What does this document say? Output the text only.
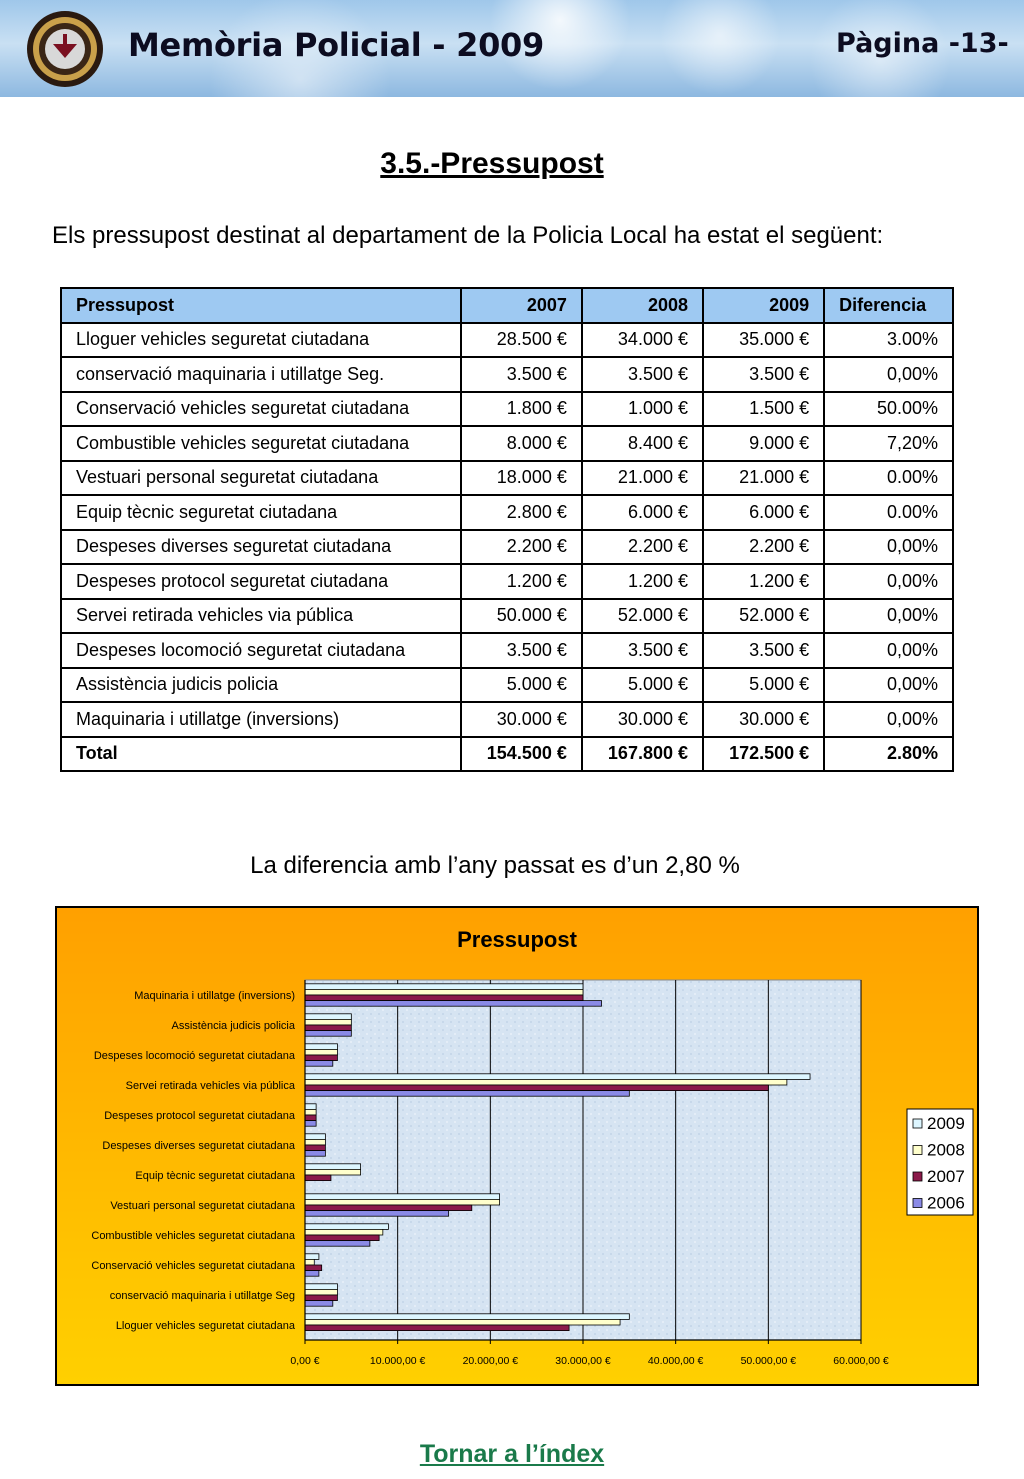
Memòria Policial - 2009	Pàgina -13-
3.5.-Pressupost
Els pressupost destinat al departament de la Policia Local ha estat el següent:
Pressupost	2007	2008	2009	Diferencia
Lloguer vehicles seguretat ciutadana	28.500 €	34.000 €	35.000 €	3.00%
conservació maquinaria i utillatge Seg.	3.500 €	3.500 €	3.500 €	0,00%
Conservació vehicles seguretat ciutadana	1.800 €	1.000 €	1.500 €	50.00%
Combustible vehicles seguretat ciutadana	8.000 €	8.400 €	9.000 €	7,20%
Vestuari personal seguretat ciutadana	18.000 €	21.000 €	21.000 €	0.00%
Equip tècnic seguretat ciutadana	2.800 €	6.000 €	6.000 €	0.00%
Despeses diverses seguretat ciutadana	2.200 €	2.200 €	2.200 €	0,00%
Despeses protocol seguretat ciutadana	1.200 €	1.200 €	1.200 €	0,00%
Servei retirada vehicles via pública	50.000 €	52.000 €	52.000 €	0,00%
Despeses locomoció seguretat ciutadana	3.500 €	3.500 €	3.500 €	0,00%
Assistència judicis policia	5.000 €	5.000 €	5.000 €	0,00%
Maquinaria i utillatge (inversions)	30.000 €	30.000 €	30.000 €	0,00%
Total	154.500 €	167.800 €	172.500 €	2.80%
La diferencia amb l’any passat es d’un 2,80 %
Pressupost
0,00 €	10.000,00 €	20.000,00 €	30.000,00 €	40.000,00 €	50.000,00 €	60.000,00 €
Lloguer vehicles seguretat ciutadana
conservació maquinaria i utillatge Seg
Conservació vehicles seguretat ciutadana
Combustible vehicles seguretat ciutadana
Vestuari personal seguretat ciutadana
Equip tècnic seguretat ciutadana
Despeses diverses seguretat ciutadana
Despeses protocol seguretat ciutadana
Servei retirada vehicles via pública
Despeses locomoció seguretat ciutadana
Assistència judicis policia
Maquinaria i utillatge (inversions)
2009
2008
2007
2006
Tornar a l’índex
